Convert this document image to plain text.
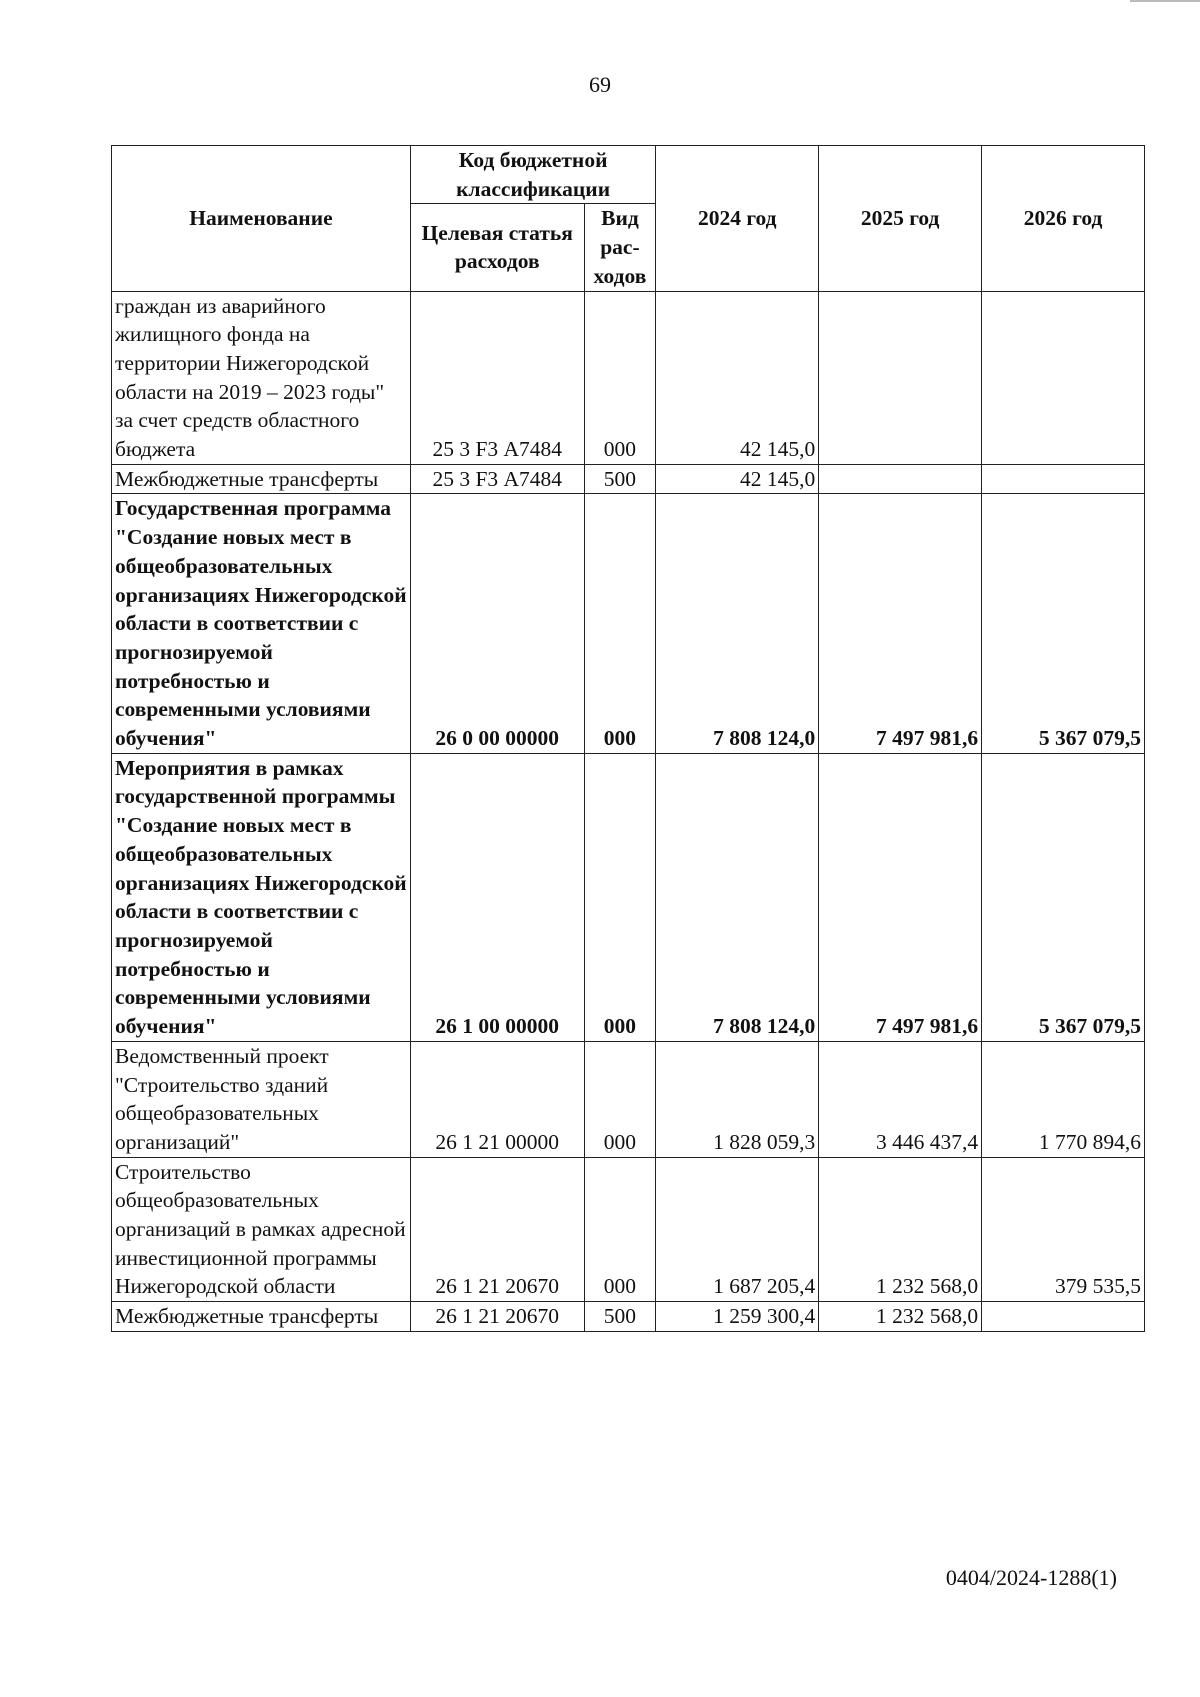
69
Наименование	Код бюджетной классификации		2024 год	2025 год	2026 год
	Целевая статья расходов	Вид рас-ходов			
граждан из аварийного жилищного фонда на территории Нижегородской области на 2019 – 2023 годы" за счет средств областного бюджета	25 3 F3 А7484	000	42 145,0		
Межбюджетные трансферты	25 3 F3 А7484	500	42 145,0		
Государственная программа "Создание новых мест в общеобразовательных организациях Нижегородской области в соответствии с прогнозируемой потребностью и современными условиями обучения"	26 0 00 00000	000	7 808 124,0	7 497 981,6	5 367 079,5
Мероприятия в рамках государственной программы "Создание новых мест в общеобразовательных организациях Нижегородской области в соответствии с прогнозируемой потребностью и современными условиями обучения"	26 1 00 00000	000	7 808 124,0	7 497 981,6	5 367 079,5
Ведомственный проект "Строительство зданий общеобразовательных организаций"	26 1 21 00000	000	1 828 059,3	3 446 437,4	1 770 894,6
Строительство общеобразовательных организаций в рамках адресной инвестиционной программы Нижегородской области	26 1 21 20670	000	1 687 205,4	1 232 568,0	379 535,5
Межбюджетные трансферты	26 1 21 20670	500	1 259 300,4	1 232 568,0	
0404/2024-1288(1)
